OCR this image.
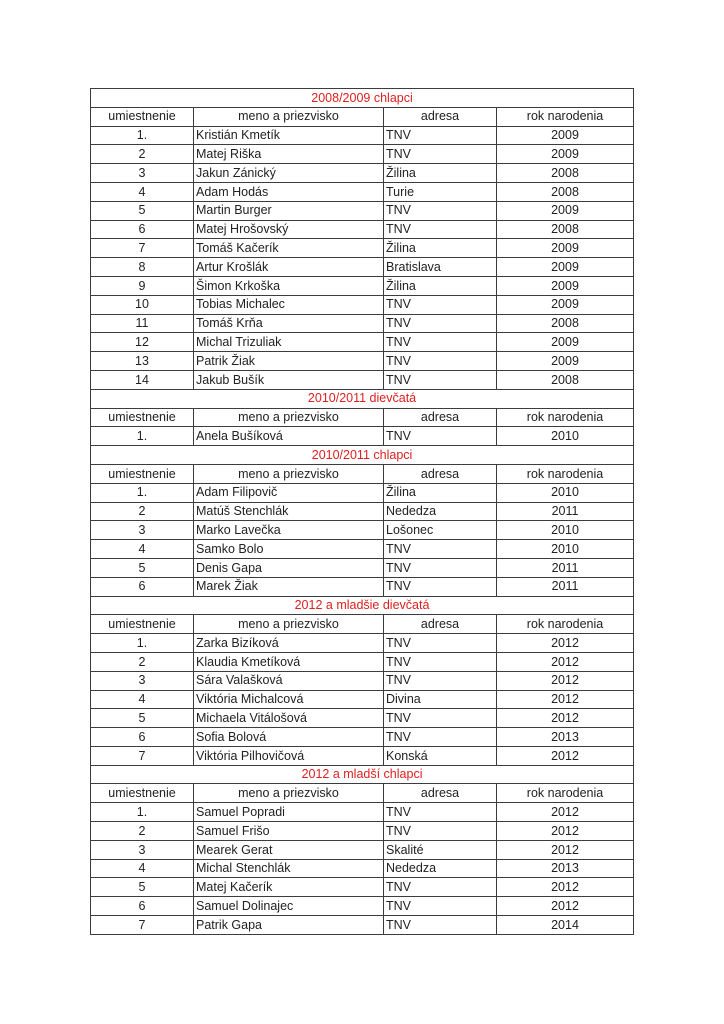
2008/2009 chlapci			
umiestnenie	meno a priezvisko	adresa	rok narodenia
1.	Kristián Kmetík	TNV	2009
2	Matej Riška	TNV	2009
3	Jakun Zánický	Žilina	2008
4	Adam Hodás	Turie	2008
5	Martin Burger	TNV	2009
6	Matej Hrošovský	TNV	2008
7	Tomáš Kačerík	Žilina	2009
8	Artur Krošlák	Bratislava	2009
9	Šimon Krkoška	Žilina	2009
10	Tobias Michalec	TNV	2009
11	Tomáš Krňa	TNV	2008
12	Michal Trizuliak	TNV	2009
13	Patrik Žiak	TNV	2009
14	Jakub Bušík	TNV	2008
2010/2011 dievčatá			
umiestnenie	meno a priezvisko	adresa	rok narodenia
1.	Anela Bušíková	TNV	2010
2010/2011 chlapci			
umiestnenie	meno a priezvisko	adresa	rok narodenia
1.	Adam Filipovič	Žilina	2010
2	Matúš Stenchlák	Nededza	2011
3	Marko Lavečka	Lošonec	2010
4	Samko Bolo	TNV	2010
5	Denis Gapa	TNV	2011
6	Marek Žiak	TNV	2011
2012 a mladšie dievčatá			
umiestnenie	meno a priezvisko	adresa	rok narodenia
1.	Zarka Bizíková	TNV	2012
2	Klaudia Kmetíková	TNV	2012
3	Sára Valašková	TNV	2012
4	Viktória Michalcová	Divina	2012
5	Michaela Vitálošová	TNV	2012
6	Sofia Bolová	TNV	2013
7	Viktória Pilhovičová	Konská	2012
2012 a mladší chlapci			
umiestnenie	meno a priezvisko	adresa	rok narodenia
1.	Samuel Popradi	TNV	2012
2	Samuel Frišo	TNV	2012
3	Mearek Gerat	Skalité	2012
4	Michal Stenchlák	Nededza	2013
5	Matej Kačerík	TNV	2012
6	Samuel Dolinajec	TNV	2012
7	Patrik Gapa	TNV	2014
